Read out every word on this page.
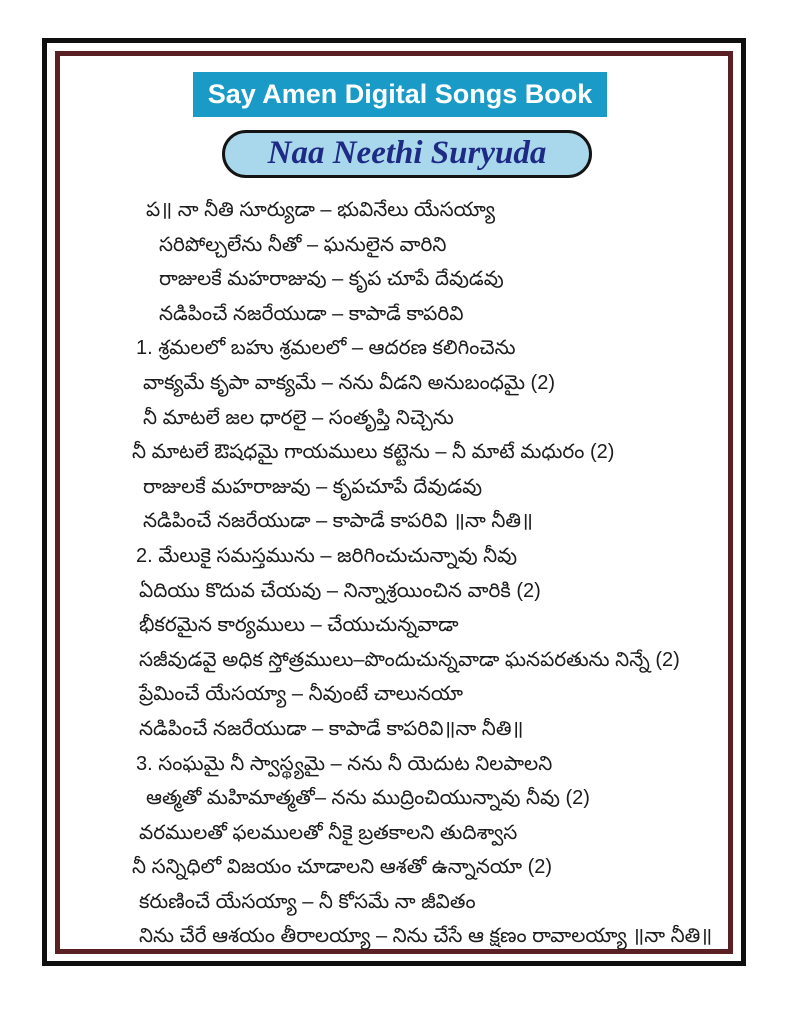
Say Amen Digital Songs Book
Naa Neethi Suryuda
ప॥ నా నీతి సూర్యుడా – భువినేలు యేసయ్యా
సరిపోల్చలేను నీతో – ఘనులైన వారిని
రాజులకే మహరాజువు – కృప చూపే దేవుడవు
నడిపించే నజరేయుడా – కాపాడే కాపరివి
1. శ్రమలలో బహు శ్రమలలో – ఆదరణ కలిగించెను
వాక్యమే కృపా వాక్యమే – నను వీడని అనుబంధమై (2)
నీ మాటలే జల ధారలై – సంతృప్తి నిచ్చెను
నీ మాటలే ఔషధమై గాయములు కట్టెను – నీ మాటే మధురం (2)
రాజులకే మహరాజువు – కృపచూపే దేవుడవు
నడిపించే నజరేయుడా – కాపాడే కాపరివి ॥నా నీతి॥
2. మేలుకై సమస్తమును – జరిగించుచున్నావు నీవు
ఏదియు కొదువ చేయవు – నిన్నాశ్రయించిన వారికి (2)
భీకరమైన కార్యములు – చేయుచున్నవాడా
సజీవుడవై అధిక స్తోత్రములు–పొందుచున్నవాడా ఘనపరతును నిన్నే (2)
ప్రేమించే యేసయ్యా – నీవుంటే చాలునయా
నడిపించే నజరేయుడా – కాపాడే కాపరివి॥నా నీతి॥
3. సంఘమై నీ స్వాస్థ్యమై – నను నీ యెదుట నిలపాలని
ఆత్మతో మహిమాత్మతో– నను ముద్రించియున్నావు నీవు (2)
వరములతో ఫలములతో నీకై బ్రతకాలని తుదిశ్వాస
నీ సన్నిధిలో విజయం చూడాలని ఆశతో ఉన్నానయా (2)
కరుణించే యేసయ్యా – నీ కోసమే నా జీవితం
నిను చేరే ఆశయం తీరాలయ్యా – నిను చేసే ఆ క్షణం రావాలయ్యా ॥నా నీతి॥
